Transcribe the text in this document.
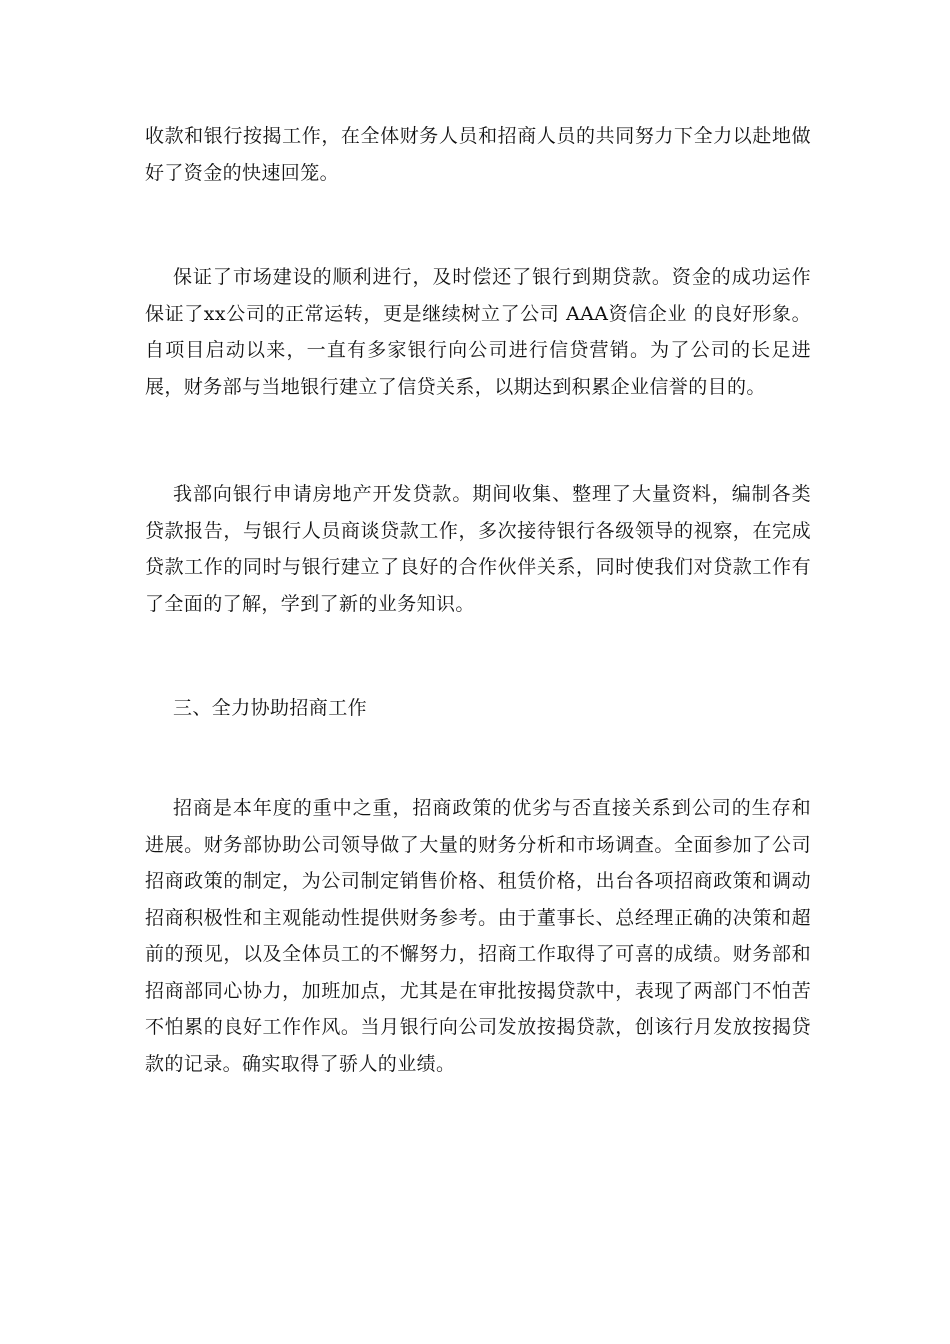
收款和银行按揭工作，在全体财务人员和招商人员的共同努力下全力以赴地做好了资金的快速回笼。

保证了市场建设的顺利进行，及时偿还了银行到期贷款。资金的成功运作保证了xx公司的正常运转，更是继续树立了公司 AAA资信企业 的良好形象。自项目启动以来，一直有多家银行向公司进行信贷营销。为了公司的长足进展，财务部与当地银行建立了信贷关系，以期达到积累企业信誉的目的。

我部向银行申请房地产开发贷款。期间收集、整理了大量资料，编制各类贷款报告，与银行人员商谈贷款工作，多次接待银行各级领导的视察，在完成贷款工作的同时与银行建立了良好的合作伙伴关系，同时使我们对贷款工作有了全面的了解，学到了新的业务知识。

三、全力协助招商工作

招商是本年度的重中之重，招商政策的优劣与否直接关系到公司的生存和进展。财务部协助公司领导做了大量的财务分析和市场调查。全面参加了公司招商政策的制定，为公司制定销售价格、租赁价格，出台各项招商政策和调动招商积极性和主观能动性提供财务参考。由于董事长、总经理正确的决策和超前的预见，以及全体员工的不懈努力，招商工作取得了可喜的成绩。财务部和招商部同心协力，加班加点，尤其是在审批按揭贷款中，表现了两部门不怕苦不怕累的良好工作作风。当月银行向公司发放按揭贷款，创该行月发放按揭贷款的记录。确实取得了骄人的业绩。
